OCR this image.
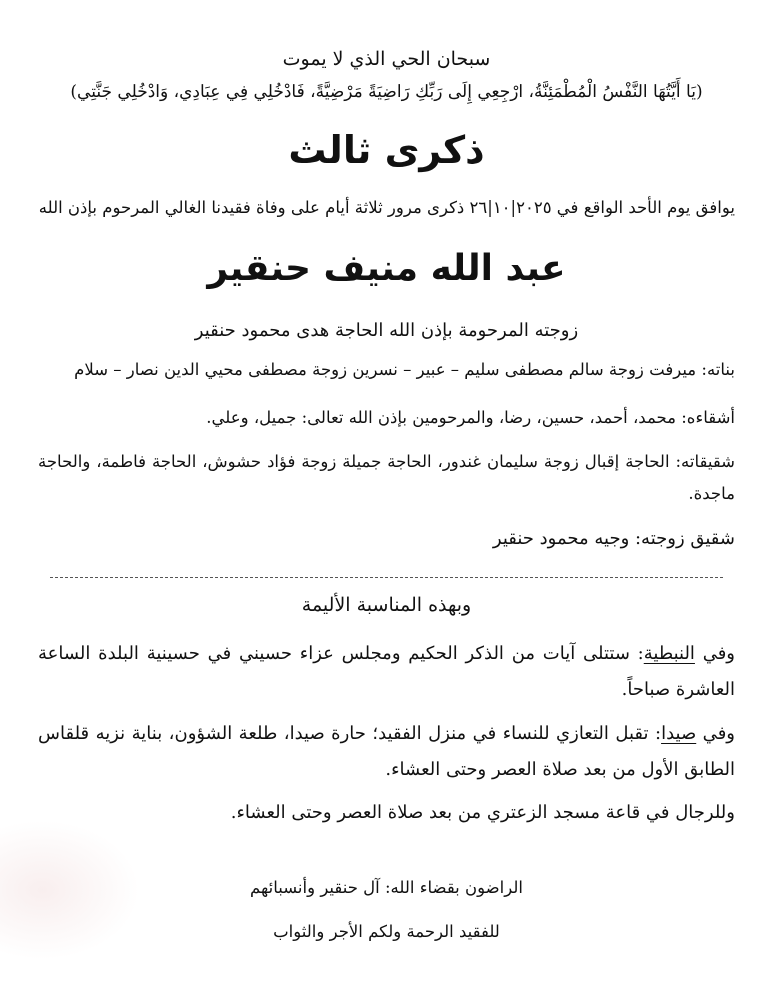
سبحان الحي الذي لا يموت
(يَا أَيَّتُهَا النَّفْسُ الْمُطْمَئِنَّةُ، ارْجِعِي إِلَى رَبِّكِ رَاضِيَةً مَرْضِيَّةً، فَادْخُلِي فِي عِبَادِي، وَادْخُلِي جَنَّتِي)
ذكرى ثالث
يوافق يوم الأحد الواقع في ٢٠٢٥|١٠|٢٦ ذكرى مرور ثلاثة أيام على وفاة فقيدنا الغالي المرحوم بإذن الله
عبد الله منيف حنقير
زوجته المرحومة بإذن الله الحاجة هدى محمود حنقير
بناته: ميرفت زوجة سالم مصطفى سليم – عبير – نسرين زوجة مصطفى محيي الدين نصار – سلام
أشقاءه: محمد، أحمد، حسين، رضا، والمرحومين بإذن الله تعالى: جميل، وعلي.
شقيقاته: الحاجة إقبال زوجة سليمان غندور، الحاجة جميلة زوجة فؤاد حشوش، الحاجة فاطمة، والحاجة ماجدة.
شقيق زوجته: وجيه محمود حنقير
وبهذه المناسبة الأليمة
وفي النبطية: ستتلى آيات من الذكر الحكيم ومجلس عزاء حسيني في حسينية البلدة الساعة العاشرة صباحاً.
وفي صيدا: تقبل التعازي للنساء في منزل الفقيد؛ حارة صيدا، طلعة الشؤون، بناية نزيه قلقاس الطابق الأول من بعد صلاة العصر وحتى العشاء.
وللرجال في قاعة مسجد الزعتري من بعد صلاة العصر وحتى العشاء.
الراضون بقضاء الله: آل حنقير وأنسبائهم
للفقيد الرحمة ولكم الأجر والثواب
